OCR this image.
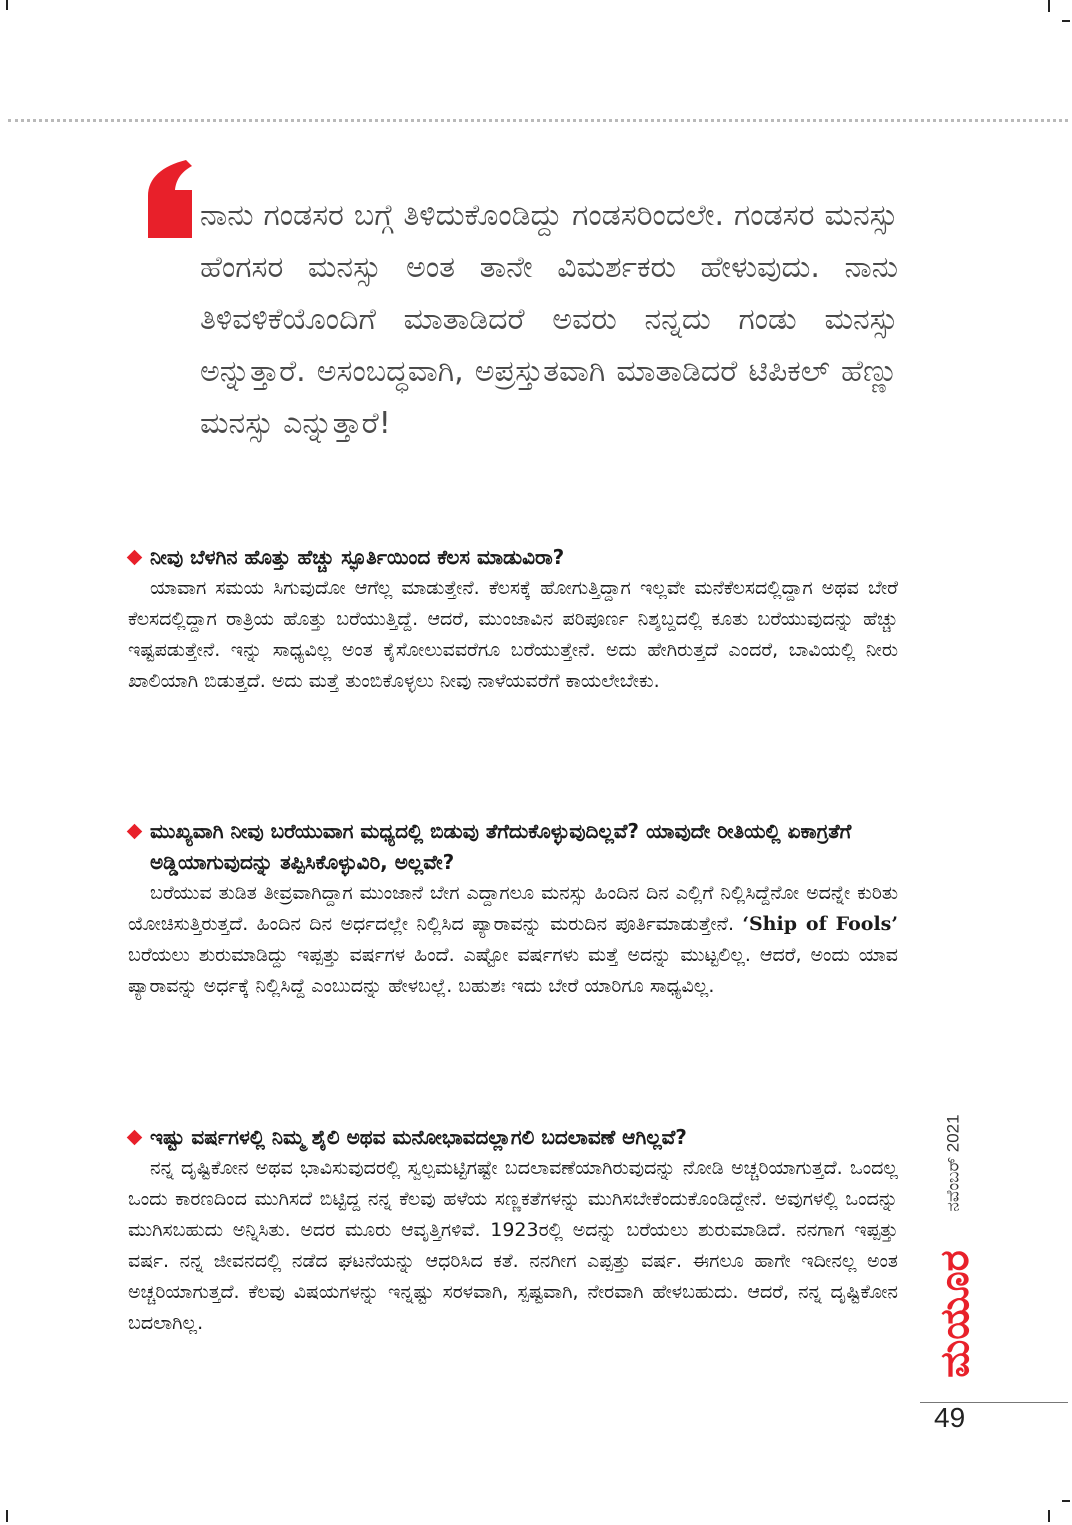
ನಾನು ಗಂಡಸರ ಬಗ್ಗೆ ತಿಳಿದುಕೊಂಡಿದ್ದು ಗಂಡಸರಿಂದಲೇ. ಗಂಡಸರ ಮನಸ್ಸು ಹೆಂಗಸರ ಮನಸ್ಸು ಅಂತ ತಾನೇ ವಿಮರ್ಶಕರು ಹೇಳುವುದು. ನಾನು ತಿಳಿವಳಿಕೆಯೊಂದಿಗೆ ಮಾತಾಡಿದರೆ ಅವರು ನನ್ನದು ಗಂಡು ಮನಸ್ಸು ಅನ್ನುತ್ತಾರೆ. ಅಸಂಬದ್ಧವಾಗಿ, ಅಪ್ರಸ್ತುತವಾಗಿ ಮಾತಾಡಿದರೆ ಟಿಪಿಕಲ್ ಹೆಣ್ಣು ಮನಸ್ಸು ಎನ್ನುತ್ತಾರೆ!

ನೀವು ಬೆಳಗಿನ ಹೊತ್ತು ಹೆಚ್ಚು ಸ್ಫೂರ್ತಿಯಿಂದ ಕೆಲಸ ಮಾಡುವಿರಾ?

ಯಾವಾಗ ಸಮಯ ಸಿಗುವುದೋ ಆಗೆಲ್ಲ ಮಾಡುತ್ತೇನೆ. ಕೆಲಸಕ್ಕೆ ಹೋಗುತ್ತಿದ್ದಾಗ ಇಲ್ಲವೇ ಮನೆಕೆಲಸದಲ್ಲಿದ್ದಾಗ ಅಥವ ಬೇರೆ ಕೆಲಸದಲ್ಲಿದ್ದಾಗ ರಾತ್ರಿಯ ಹೊತ್ತು ಬರೆಯುತ್ತಿದ್ದೆ. ಆದರೆ, ಮುಂಜಾವಿನ ಪರಿಪೂರ್ಣ ನಿಶ್ಶಬ್ದದಲ್ಲಿ ಕೂತು ಬರೆಯುವುದನ್ನು ಹೆಚ್ಚು ಇಷ್ಟಪಡುತ್ತೇನೆ. ಇನ್ನು ಸಾಧ್ಯವಿಲ್ಲ ಅಂತ ಕೈಸೋಲುವವರೆಗೂ ಬರೆಯುತ್ತೇನೆ. ಅದು ಹೇಗಿರುತ್ತದೆ ಎಂದರೆ, ಬಾವಿಯಲ್ಲಿ ನೀರು ಖಾಲಿಯಾಗಿ ಬಿಡುತ್ತದೆ. ಅದು ಮತ್ತೆ ತುಂಬಿಕೊಳ್ಳಲು ನೀವು ನಾಳೆಯವರೆಗೆ ಕಾಯಲೇಬೇಕು.

ಮುಖ್ಯವಾಗಿ ನೀವು ಬರೆಯುವಾಗ ಮಧ್ಯದಲ್ಲಿ ಬಿಡುವು ತೆಗೆದುಕೊಳ್ಳುವುದಿಲ್ಲವೆ? ಯಾವುದೇ ರೀತಿಯಲ್ಲಿ ಏಕಾಗ್ರತೆಗೆ ಅಡ್ಡಿಯಾಗುವುದನ್ನು ತಪ್ಪಿಸಿಕೊಳ್ಳುವಿರಿ, ಅಲ್ಲವೇ?

ಬರೆಯುವ ತುಡಿತ ತೀವ್ರವಾಗಿದ್ದಾಗ ಮುಂಜಾನೆ ಬೇಗ ಎದ್ದಾಗಲೂ ಮನಸ್ಸು ಹಿಂದಿನ ದಿನ ಎಲ್ಲಿಗೆ ನಿಲ್ಲಿಸಿದ್ದೆನೋ ಅದನ್ನೇ ಕುರಿತು ಯೋಚಿಸುತ್ತಿರುತ್ತದೆ. ಹಿಂದಿನ ದಿನ ಅರ್ಧದಲ್ಲೇ ನಿಲ್ಲಿಸಿದ ಪ್ಯಾರಾವನ್ನು ಮರುದಿನ ಪೂರ್ತಿಮಾಡುತ್ತೇನೆ. ‘Ship of Fools’ ಬರೆಯಲು ಶುರುಮಾಡಿದ್ದು ಇಪ್ಪತ್ತು ವರ್ಷಗಳ ಹಿಂದೆ. ಎಷ್ಟೋ ವರ್ಷಗಳು ಮತ್ತೆ ಅದನ್ನು ಮುಟ್ಟಲಿಲ್ಲ. ಆದರೆ, ಅಂದು ಯಾವ ಪ್ಯಾರಾವನ್ನು ಅರ್ಧಕ್ಕೆ ನಿಲ್ಲಿಸಿದ್ದೆ ಎಂಬುದನ್ನು ಹೇಳಬಲ್ಲೆ. ಬಹುಶಃ ಇದು ಬೇರೆ ಯಾರಿಗೂ ಸಾಧ್ಯವಿಲ್ಲ.

ಇಷ್ಟು ವರ್ಷಗಳಲ್ಲಿ ನಿಮ್ಮ ಶೈಲಿ ಅಥವ ಮನೋಭಾವದಲ್ಲಾಗಲಿ ಬದಲಾವಣೆ ಆಗಿಲ್ಲವೆ?

ನನ್ನ ದೃಷ್ಟಿಕೋನ ಅಥವ ಭಾವಿಸುವುದರಲ್ಲಿ ಸ್ವಲ್ಪಮಟ್ಟಿಗಷ್ಟೇ ಬದಲಾವಣೆಯಾಗಿರುವುದನ್ನು ನೋಡಿ ಅಚ್ಚರಿಯಾಗುತ್ತದೆ. ಒಂದಲ್ಲ ಒಂದು ಕಾರಣದಿಂದ ಮುಗಿಸದೆ ಬಿಟ್ಟಿದ್ದ ನನ್ನ ಕೆಲವು ಹಳೆಯ ಸಣ್ಣಕತೆಗಳನ್ನು ಮುಗಿಸಬೇಕೆಂದುಕೊಂಡಿದ್ದೇನೆ. ಅವುಗಳಲ್ಲಿ ಒಂದನ್ನು ಮುಗಿಸಬಹುದು ಅನ್ನಿಸಿತು. ಅದರ ಮೂರು ಆವೃತ್ತಿಗಳಿವೆ. 1923ರಲ್ಲಿ ಅದನ್ನು ಬರೆಯಲು ಶುರುಮಾಡಿದೆ. ನನಗಾಗ ಇಪ್ಪತ್ತು ವರ್ಷ. ನನ್ನ ಜೀವನದಲ್ಲಿ ನಡೆದ ಘಟನೆಯನ್ನು ಆಧರಿಸಿದ ಕತೆ. ನನಗೀಗ ಎಪ್ಪತ್ತು ವರ್ಷ. ಈಗಲೂ ಹಾಗೇ ಇದೀನಲ್ಲ ಅಂತ ಅಚ್ಚರಿಯಾಗುತ್ತದೆ. ಕೆಲವು ವಿಷಯಗಳನ್ನು ಇನ್ನಷ್ಟು ಸರಳವಾಗಿ, ಸ್ಪಷ್ಟವಾಗಿ, ನೇರವಾಗಿ ಹೇಳಬಹುದು. ಆದರೆ, ನನ್ನ ದೃಷ್ಟಿಕೋನ ಬದಲಾಗಿಲ್ಲ.

ನವೆಂಬರ್ 2021
ಮಯೂರ
49
